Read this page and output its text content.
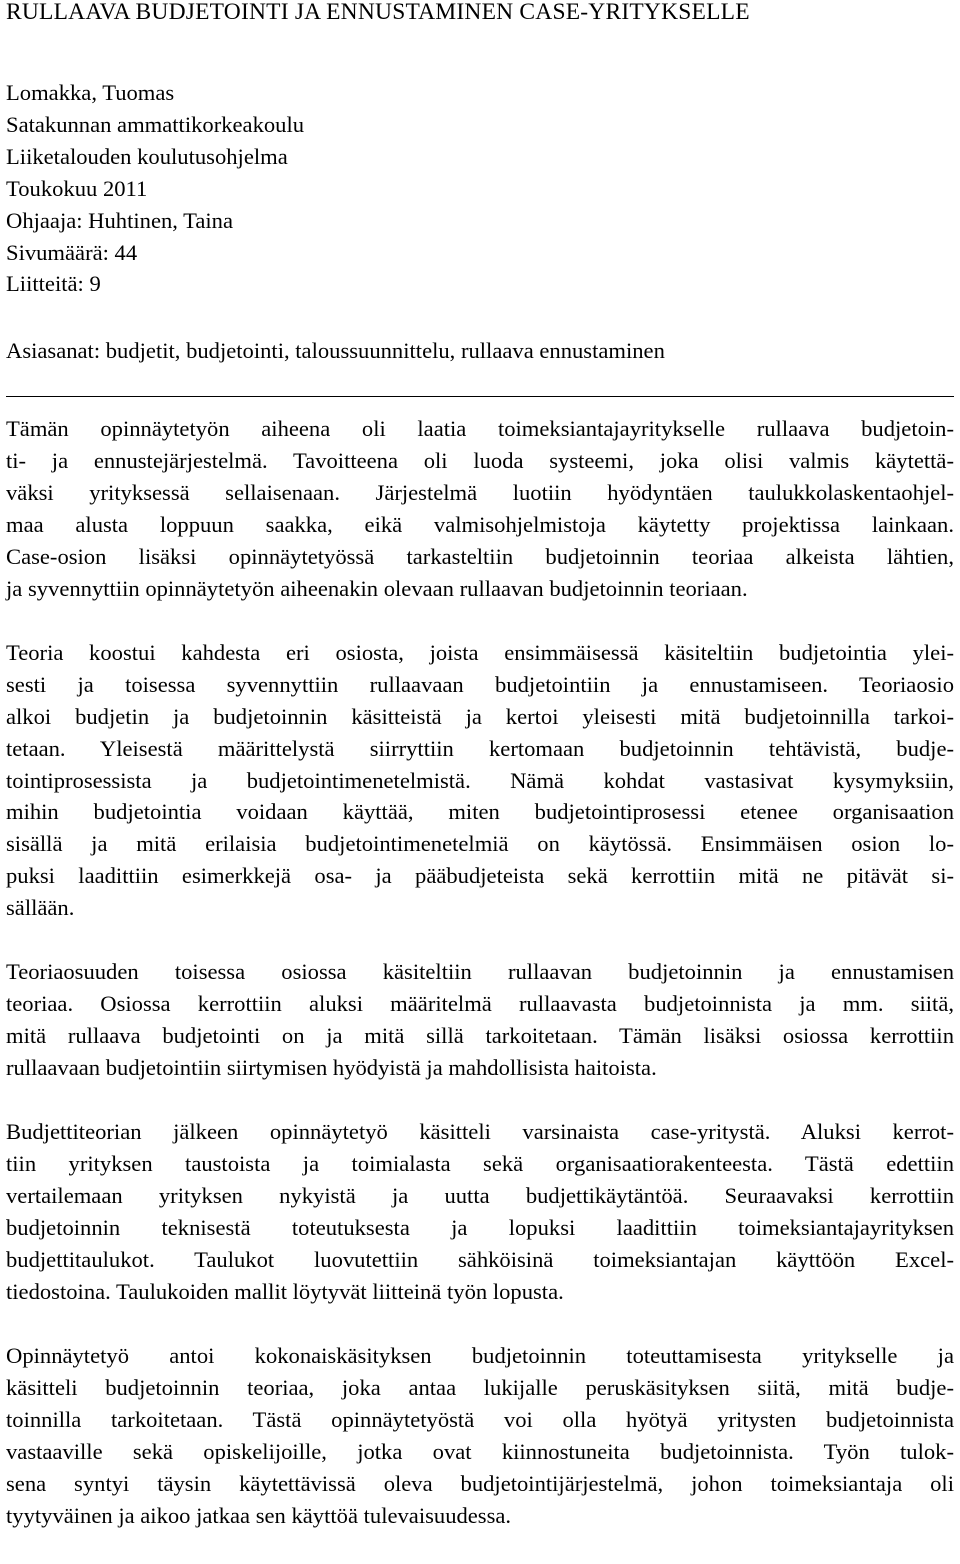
RULLAAVA BUDJETOINTI JA ENNUSTAMINEN CASE-YRITYKSELLE
Lomakka, Tuomas
Satakunnan ammattikorkeakoulu
Liiketalouden koulutusohjelma
Toukokuu 2011
Ohjaaja: Huhtinen, Taina
Sivumäärä: 44
Liitteitä: 9
Asiasanat: budjetit, budjetointi, taloussuunnittelu, rullaava ennustaminen

Tämän opinnäytetyön aiheena oli laatia toimeksiantajayritykselle rullaava budjetoin-
ti- ja ennustejärjestelmä. Tavoitteena oli luoda systeemi, joka olisi valmis käytettä-
väksi yrityksessä sellaisenaan. Järjestelmä luotiin hyödyntäen taulukkolaskentaohjel-
maa alusta loppuun saakka, eikä valmisohjelmistoja käytetty projektissa lainkaan.
Case-osion lisäksi opinnäytetyössä tarkasteltiin budjetoinnin teoriaa alkeista lähtien,
ja syvennyttiin opinnäytetyön aiheenakin olevaan rullaavan budjetoinnin teoriaan.

Teoria koostui kahdesta eri osiosta, joista ensimmäisessä käsiteltiin budjetointia ylei-
sesti ja toisessa syvennyttiin rullaavaan budjetointiin ja ennustamiseen. Teoriaosio
alkoi budjetin ja budjetoinnin käsitteistä ja kertoi yleisesti mitä budjetoinnilla tarkoi-
tetaan. Yleisestä määrittelystä siirryttiin kertomaan budjetoinnin tehtävistä, budje-
tointiprosessista ja budjetointimenetelmistä. Nämä kohdat vastasivat kysymyksiin,
mihin budjetointia voidaan käyttää, miten budjetointiprosessi etenee organisaation
sisällä ja mitä erilaisia budjetointimenetelmiä on käytössä. Ensimmäisen osion lo-
puksi laadittiin esimerkkejä osa- ja pääbudjeteista sekä kerrottiin mitä ne pitävät si-
sällään.

Teoriaosuuden toisessa osiossa käsiteltiin rullaavan budjetoinnin ja ennustamisen
teoriaa. Osiossa kerrottiin aluksi määritelmä rullaavasta budjetoinnista ja mm. siitä,
mitä rullaava budjetointi on ja mitä sillä tarkoitetaan. Tämän lisäksi osiossa kerrottiin
rullaavaan budjetointiin siirtymisen hyödyistä ja mahdollisista haitoista.

Budjettiteorian jälkeen opinnäytetyö käsitteli varsinaista case-yritystä. Aluksi kerrot-
tiin yrityksen taustoista ja toimialasta sekä organisaatiorakenteesta. Tästä edettiin
vertailemaan yrityksen nykyistä ja uutta budjettikäytäntöä. Seuraavaksi kerrottiin
budjetoinnin teknisestä toteutuksesta ja lopuksi laadittiin toimeksiantajayrityksen
budjettitaulukot. Taulukot luovutettiin sähköisinä toimeksiantajan käyttöön Excel-
tiedostoina. Taulukoiden mallit löytyvät liitteinä työn lopusta.

Opinnäytetyö antoi kokonaiskäsityksen budjetoinnin toteuttamisesta yritykselle ja
käsitteli budjetoinnin teoriaa, joka antaa lukijalle peruskäsityksen siitä, mitä budje-
toinnilla tarkoitetaan. Tästä opinnäytetyöstä voi olla hyötyä yritysten budjetoinnista
vastaaville sekä opiskelijoille, jotka ovat kiinnostuneita budjetoinnista. Työn tulok-
sena syntyi täysin käytettävissä oleva budjetointijärjestelmä, johon toimeksiantaja oli
tyytyväinen ja aikoo jatkaa sen käyttöä tulevaisuudessa.
